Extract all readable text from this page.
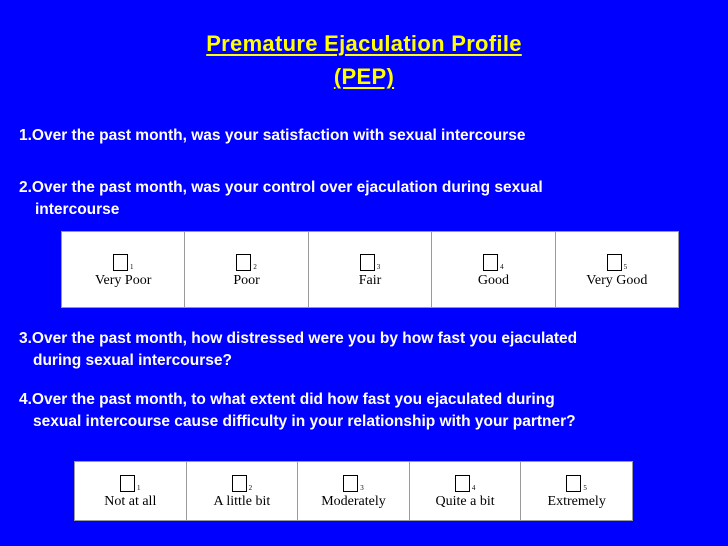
Premature Ejaculation Profile
(PEP)

1.Over the past month, was your satisfaction with sexual intercourse

2.Over the past month, was your control over ejaculation during sexual
intercourse

1
Very Poor
2
Poor
3
Fair
4
Good
5
Very Good

3.Over the past month, how distressed were you by how fast you ejaculated
during sexual intercourse?

4.Over the past month, to what extent did how fast you ejaculated during
sexual intercourse cause difficulty in your relationship with your partner?

1
Not at all
2
A little bit
3
Moderately
4
Quite a bit
5
Extremely
